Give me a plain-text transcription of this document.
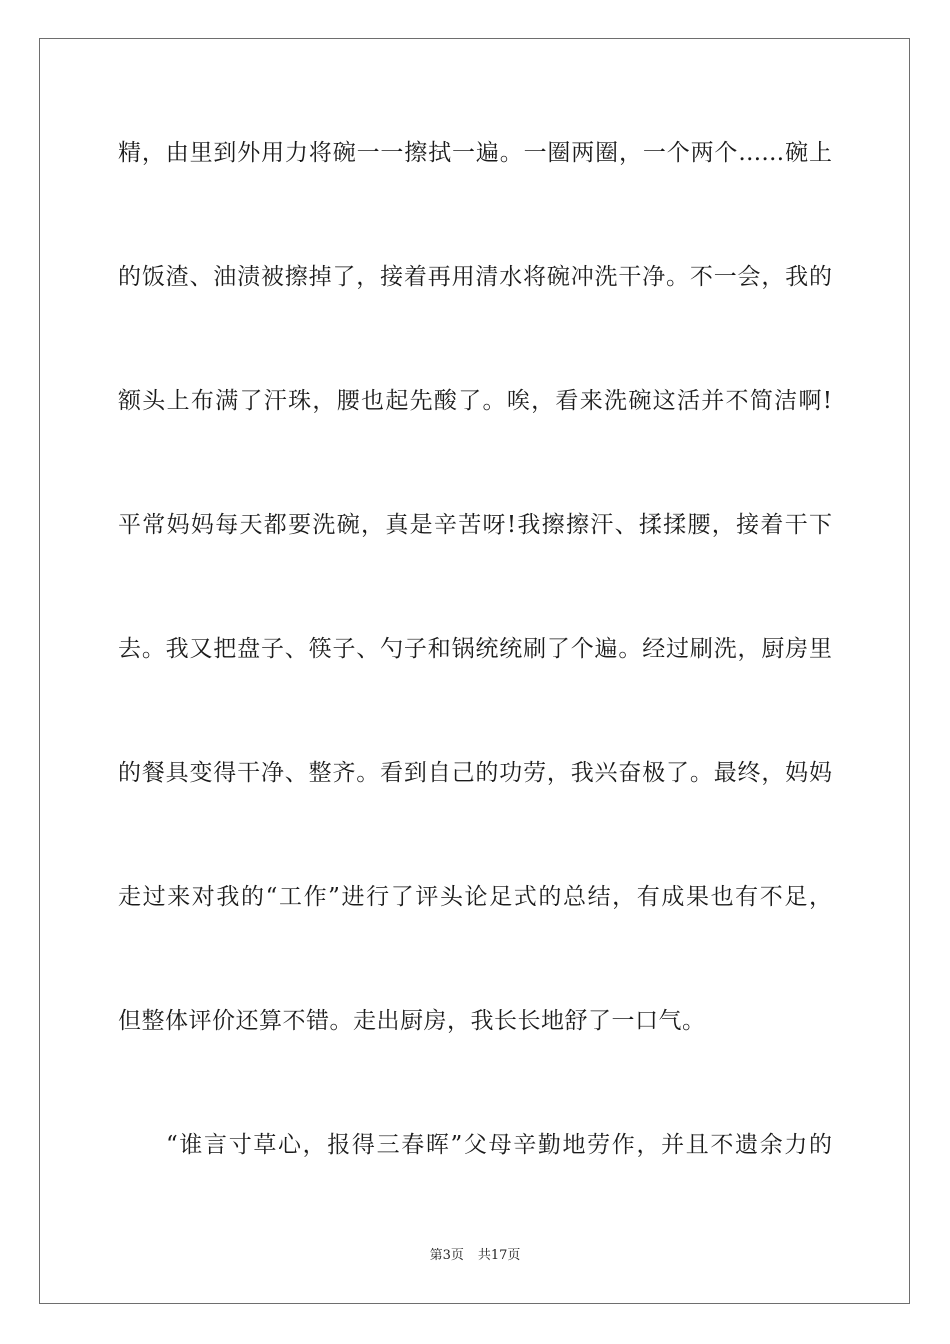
精，由里到外用力将碗一一擦拭一遍。一圈两圈，一个两个……碗上
的饭渣、油渍被擦掉了，接着再用清水将碗冲洗干净。不一会，我的
额头上布满了汗珠，腰也起先酸了。唉，看来洗碗这活并不简洁啊!
平常妈妈每天都要洗碗，真是辛苦呀!我擦擦汗、揉揉腰，接着干下
去。我又把盘子、筷子、勺子和锅统统刷了个遍。经过刷洗，厨房里
的餐具变得干净、整齐。看到自己的功劳，我兴奋极了。最终，妈妈
走过来对我的“工作”进行了评头论足式的总结，有成果也有不足，
但整体评价还算不错。走出厨房，我长长地舒了一口气。
“谁言寸草心，报得三春晖”父母辛勤地劳作，并且不遗余力的
第3页 共17页
